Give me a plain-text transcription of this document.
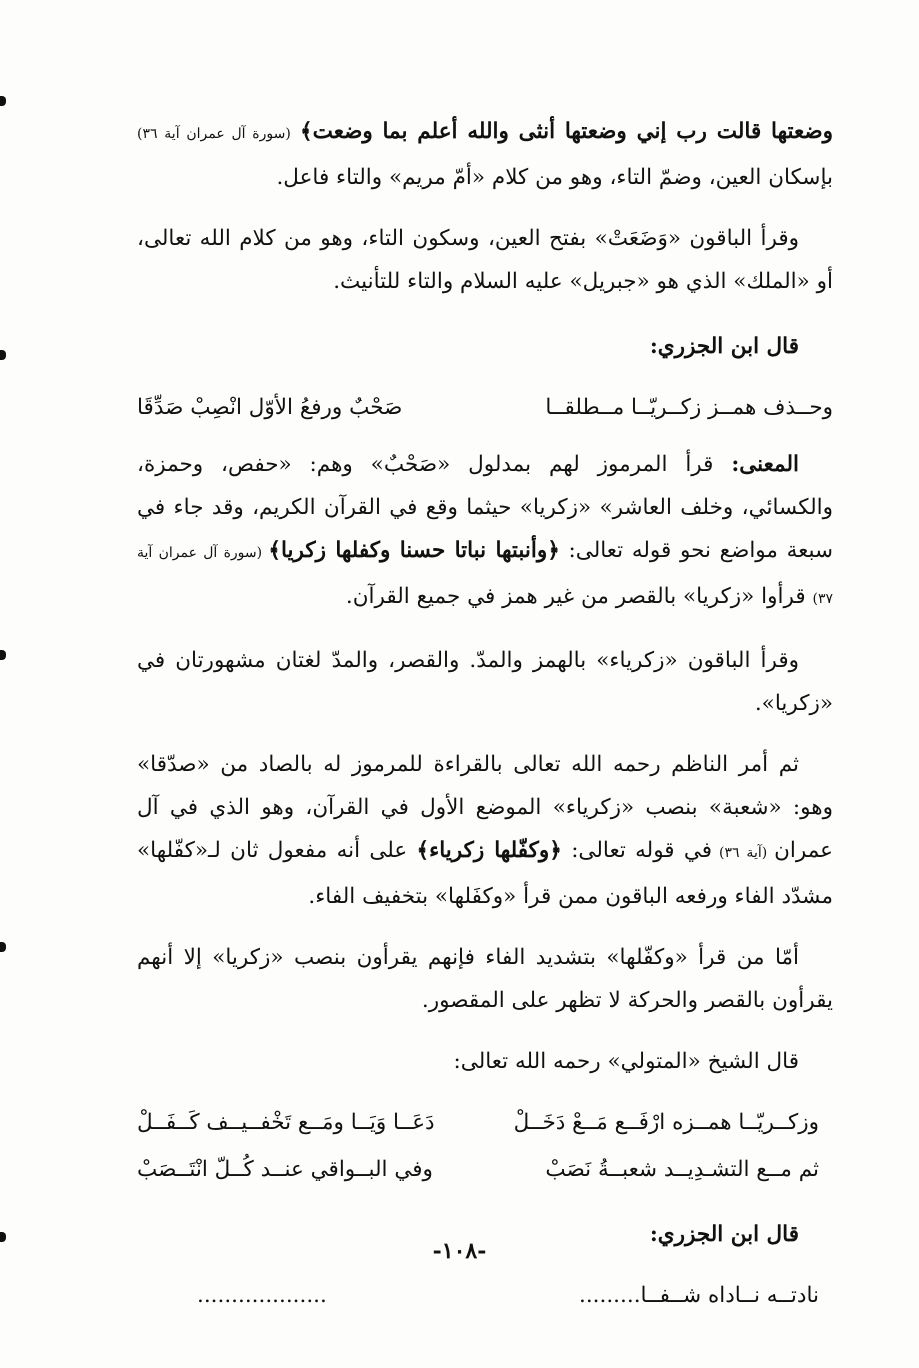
وضعتها قالت رب إني وضعتها أنثى والله أعلم بما وضعت﴾ (سورة آل عمران آية ٣٦) بإسكان العين، وضمّ التاء، وهو من كلام «أمّ مريم» والتاء فاعل.

وقرأ الباقون «وَضَعَتْ» بفتح العين، وسكون التاء، وهو من كلام الله تعالى، أو «الملك» الذي هو «جبريل» عليه السلام والتاء للتأنيث.

قال ابن الجزري:
وحــذف همــز زكــريّــا مــطلقــا
صَحْبٌ ورفعُ الأوّل انْصِبْ صَدِّقَا

المعنى: قرأ المرموز لهم بمدلول «صَحْبٌ» وهم: «حفص، وحمزة، والكسائي، وخلف العاشر» «زكريا» حيثما وقع في القرآن الكريم، وقد جاء في سبعة مواضع نحو قوله تعالى: ﴿وأنبتها نباتا حسنا وكفلها زكريا﴾ (سورة آل عمران آية ٣٧) قرأوا «زكريا» بالقصر من غير همز في جميع القرآن.

وقرأ الباقون «زكرياء» بالهمز والمدّ. والقصر، والمدّ لغتان مشهورتان في «زكريا».

ثم أمر الناظم رحمه الله تعالى بالقراءة للمرموز له بالصاد من «صدّقا» وهو: «شعبة» بنصب «زكرياء» الموضع الأول في القرآن، وهو الذي في آل عمران (آية ٣٦) في قوله تعالى: ﴿وكفّلها زكرياء﴾ على أنه مفعول ثان لـ«كفّلها» مشدّد الفاء ورفعه الباقون ممن قرأ «وكفَلها» بتخفيف الفاء.

أمّا من قرأ «وكفّلها» بتشديد الفاء فإنهم يقرأون بنصب «زكريا» إلا أنهم يقرأون بالقصر والحركة لا تظهر على المقصور.

قال الشيخ «المتولي» رحمه الله تعالى:
وزكــريّــا همــزه ارْفَــع مَــعْ دَخَــلْ
دَعَــا وَيَــا ومَــع تَخْفــيــف كَــفَــلْ
ثم مــع التشـدِيــد شعبــةُ نَصَبْ
وفي البــواقي عنــد كُــلّ انْتَــصَبْ
قال ابن الجزري:
نادتــه نــاداه شــفــا.........
...................
-١٠٨-
